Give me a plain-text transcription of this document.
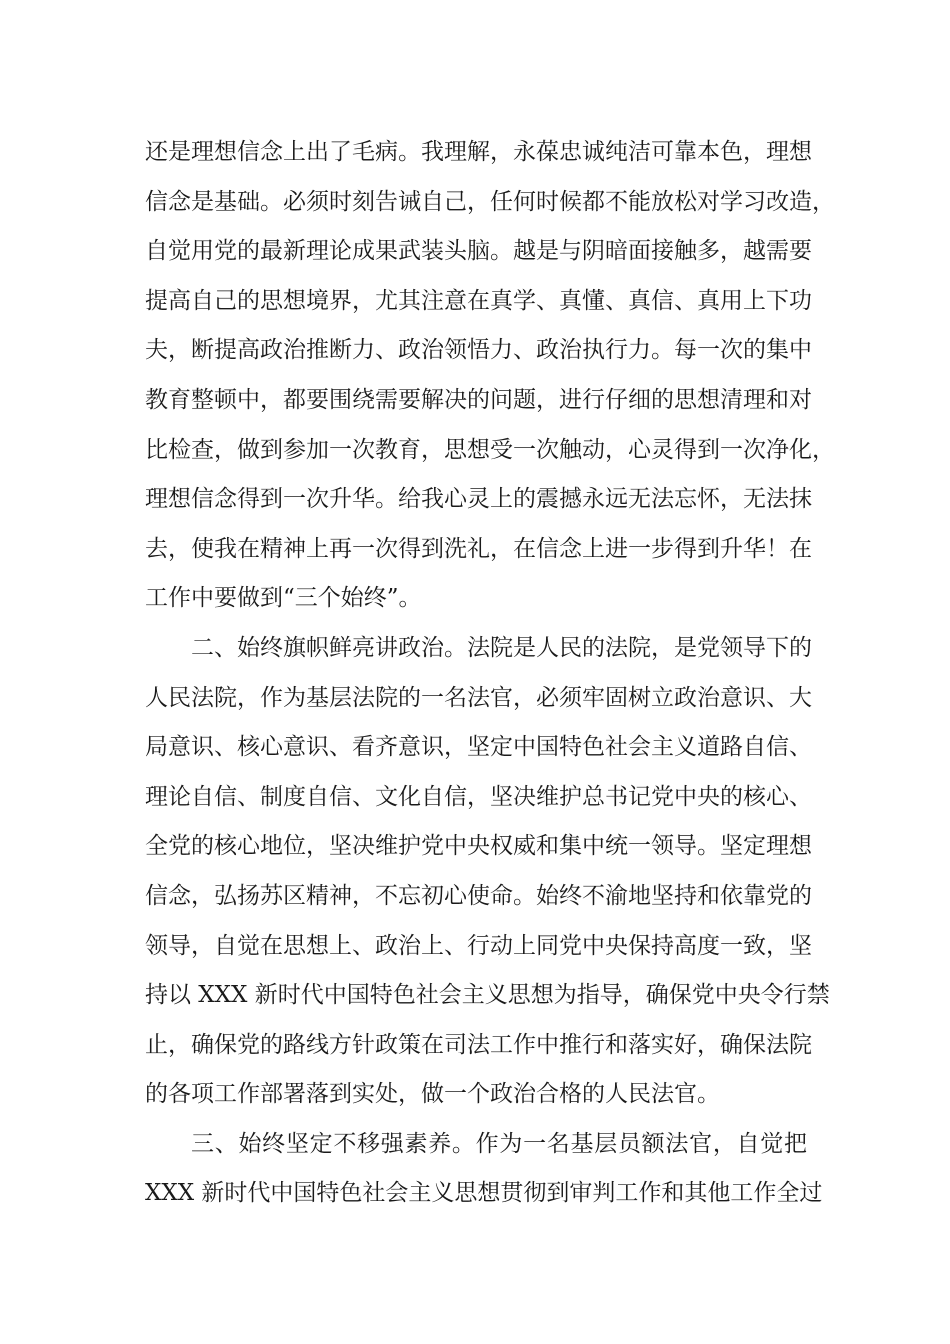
还是理想信念上出了毛病。我理解，永葆忠诚纯洁可靠本色，理想
信念是基础。必须时刻告诫自己，任何时候都不能放松对学习改造，
自觉用党的最新理论成果武装头脑。越是与阴暗面接触多，越需要
提高自己的思想境界，尤其注意在真学、真懂、真信、真用上下功
夫，断提高政治推断力、政治领悟力、政治执行力。每一次的集中
教育整顿中，都要围绕需要解决的问题，进行仔细的思想清理和对
比检查，做到参加一次教育，思想受一次触动，心灵得到一次净化，
理想信念得到一次升华。给我心灵上的震撼永远无法忘怀，无法抹
去，使我在精神上再一次得到洗礼，在信念上进一步得到升华！在
工作中要做到“三个始终”。
二、始终旗帜鲜亮讲政治。法院是人民的法院，是党领导下的
人民法院，作为基层法院的一名法官，必须牢固树立政治意识、大
局意识、核心意识、看齐意识，坚定中国特色社会主义道路自信、
理论自信、制度自信、文化自信，坚决维护总书记党中央的核心、
全党的核心地位，坚决维护党中央权威和集中统一领导。坚定理想
信念，弘扬苏区精神，不忘初心使命。始终不渝地坚持和依靠党的
领导，自觉在思想上、政治上、行动上同党中央保持高度一致，坚
持以 XXX 新时代中国特色社会主义思想为指导，确保党中央令行禁
止，确保党的路线方针政策在司法工作中推行和落实好，确保法院
的各项工作部署落到实处，做一个政治合格的人民法官。
三、始终坚定不移强素养。作为一名基层员额法官，自觉把
XXX 新时代中国特色社会主义思想贯彻到审判工作和其他工作全过
